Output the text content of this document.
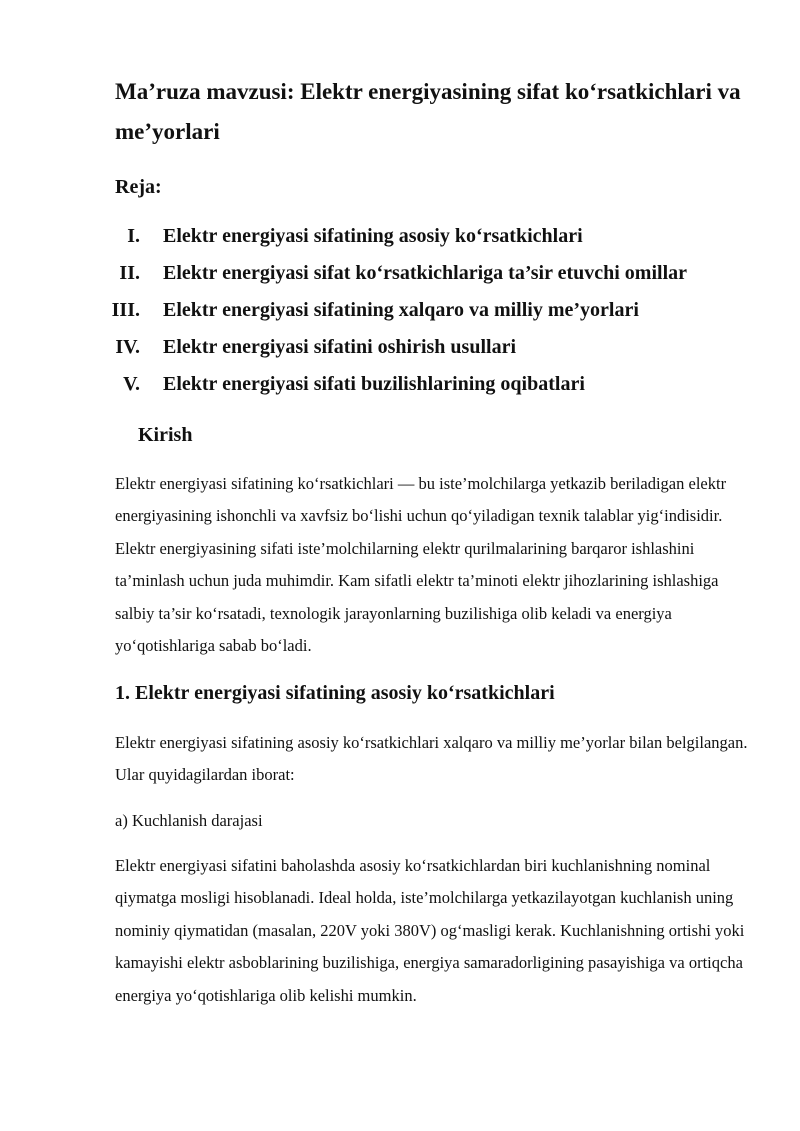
Ma’ruza mavzusi: Elektr energiyasining sifat ko‘rsatkichlari va me’yorlari
Reja:
I. Elektr energiyasi sifatining asosiy ko‘rsatkichlari
II. Elektr energiyasi sifat ko‘rsatkichlariga ta’sir etuvchi omillar
III. Elektr energiyasi sifatining xalqaro va milliy me’yorlari
IV. Elektr energiyasi sifatini oshirish usullari
V. Elektr energiyasi sifati buzilishlarining oqibatlari
Kirish

Elektr energiyasi sifatining ko‘rsatkichlari — bu iste’molchilarga yetkazib beriladigan elektr energiyasining ishonchli va xavfsiz bo‘lishi uchun qo‘yiladigan texnik talablar yig‘indisidir. Elektr energiyasining sifati iste’molchilarning elektr qurilmalarining barqaror ishlashini ta’minlash uchun juda muhimdir. Kam sifatli elektr ta’minoti elektr jihozlarining ishlashiga salbiy ta’sir ko‘rsatadi, texnologik jarayonlarning buzilishiga olib keladi va energiya yo‘qotishlariga sabab bo‘ladi.

1. Elektr energiyasi sifatining asosiy ko‘rsatkichlari

Elektr energiyasi sifatining asosiy ko‘rsatkichlari xalqaro va milliy me’yorlar bilan belgilangan. Ular quyidagilardan iborat:

a) Kuchlanish darajasi

Elektr energiyasi sifatini baholashda asosiy ko‘rsatkichlardan biri kuchlanishning nominal qiymatga mosligi hisoblanadi. Ideal holda, iste’molchilarga yetkazilayotgan kuchlanish uning nominiy qiymatidan (masalan, 220V yoki 380V) og‘masligi kerak. Kuchlanishning ortishi yoki kamayishi elektr asboblarining buzilishiga, energiya samaradorligining pasayishiga va ortiqcha energiya yo‘qotishlariga olib kelishi mumkin.
